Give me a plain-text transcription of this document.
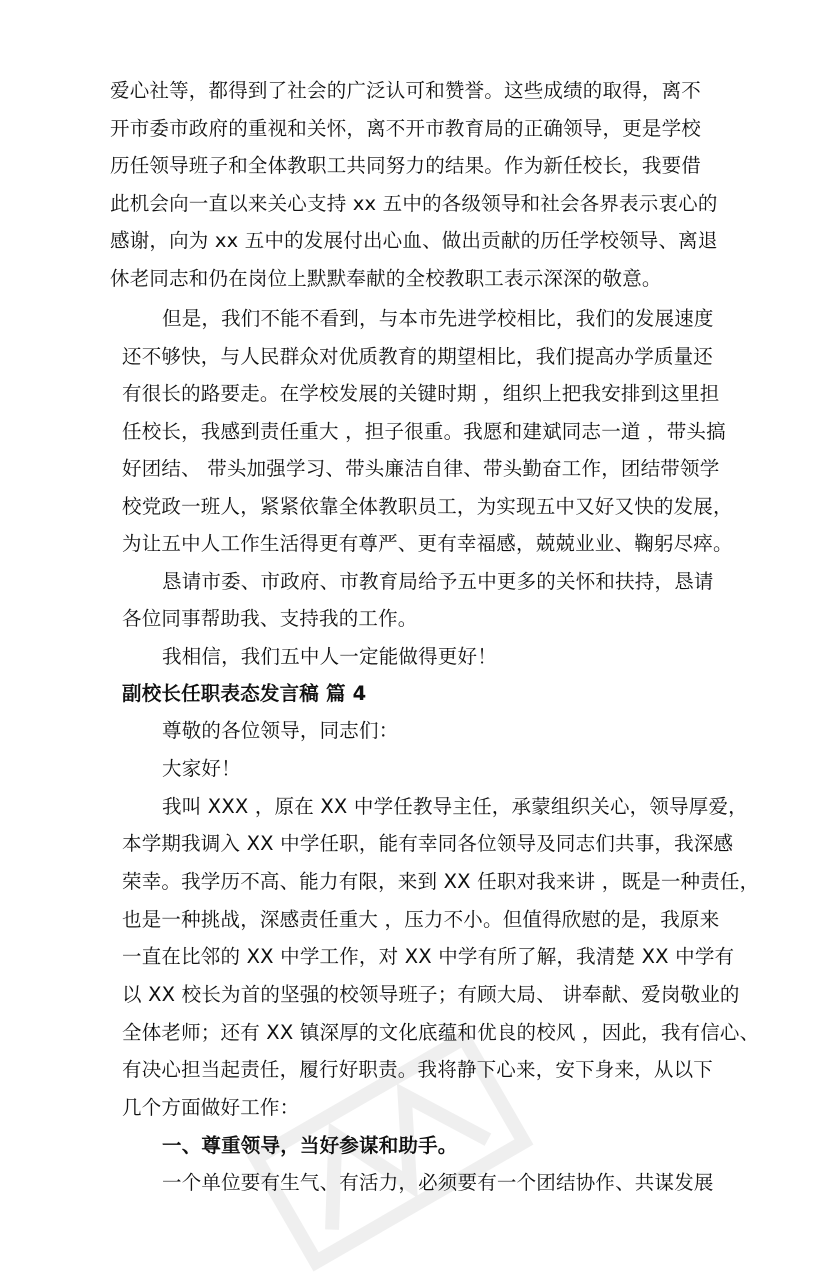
爱心社等，都得到了社会的广泛认可和赞誉。这些成绩的取得，离不
开市委市政府的重视和关怀，离不开市教育局的正确领导，更是学校
历任领导班子和全体教职工共同努力的结果。作为新任校长，我要借
此机会向一直以来关心支持 xx 五中的各级领导和社会各界表示衷心的
感谢，向为 xx 五中的发展付出心血、做出贡献的历任学校领导、离退
休老同志和仍在岗位上默默奉献的全校教职工表示深深的敬意。
但是，我们不能不看到，与本市先进学校相比，我们的发展速度
还不够快，与人民群众对优质教育的期望相比，我们提高办学质量还
有很长的路要走。在学校发展的关键时期 ，组织上把我安排到这里担
任校长，我感到责任重大 ，担子很重。我愿和建斌同志一道 ，带头搞
好团结、 带头加强学习、带头廉洁自律、带头勤奋工作，团结带领学
校党政一班人，紧紧依靠全体教职员工，为实现五中又好又快的发展，
为让五中人工作生活得更有尊严、更有幸福感，兢兢业业、鞠躬尽瘁。
恳请市委、市政府、市教育局给予五中更多的关怀和扶持，恳请
各位同事帮助我、支持我的工作。
我相信，我们五中人一定能做得更好！
副校长任职表态发言稿 篇 4
尊敬的各位领导，同志们：
大家好！
我叫 XXX ，原在 XX 中学任教导主任，承蒙组织关心，领导厚爱，
本学期我调入 XX 中学任职，能有幸同各位领导及同志们共事，我深感
荣幸。我学历不高、能力有限，来到 XX 任职对我来讲 ，既是一种责任，
也是一种挑战，深感责任重大 ，压力不小。但值得欣慰的是，我原来
一直在比邻的 XX 中学工作，对 XX 中学有所了解，我清楚 XX 中学有
以 XX 校长为首的坚强的校领导班子；有顾大局、 讲奉献、爱岗敬业的
全体老师；还有 XX 镇深厚的文化底蕴和优良的校风 ，因此，我有信心、
有决心担当起责任，履行好职责。我将静下心来，安下身来，从以下
几个方面做好工作：
一、尊重领导，当好参谋和助手。
一个单位要有生气、有活力，必须要有一个团结协作、共谋发展
